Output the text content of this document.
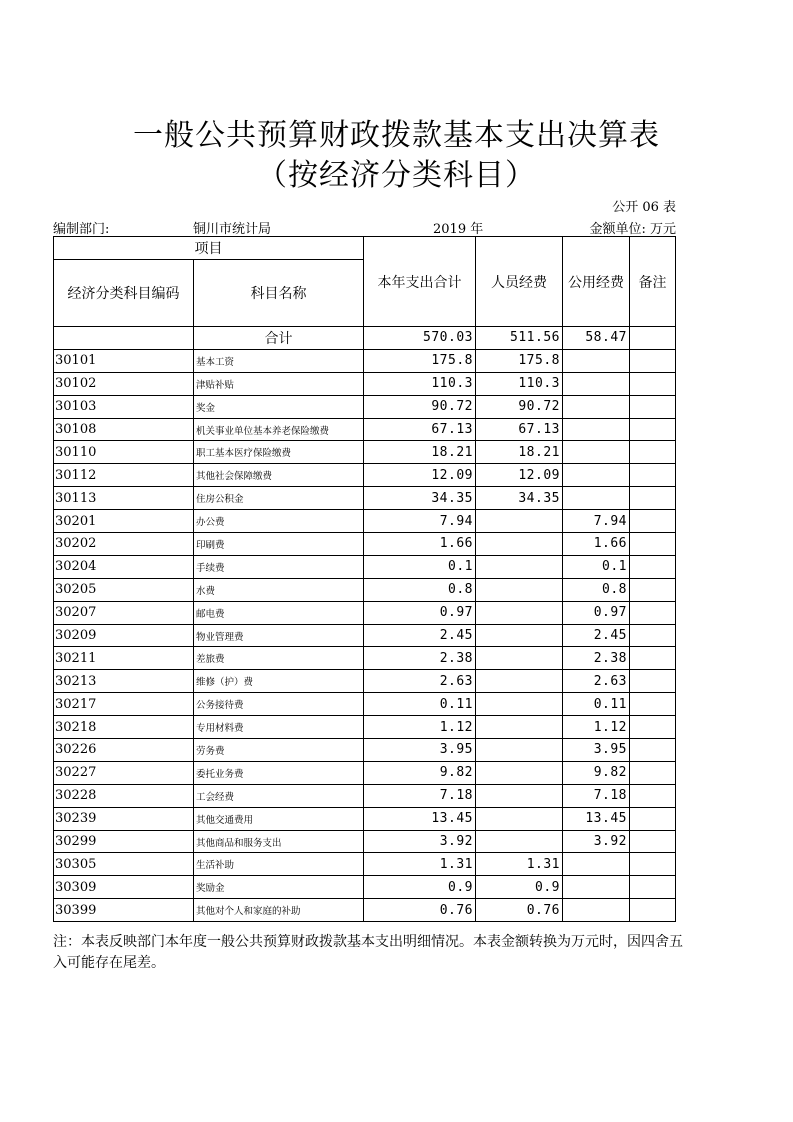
一般公共预算财政拨款基本支出决算表
（按经济分类科目）
公开 06 表
编制部门:	铜川市统计局	2019 年	金额单位: 万元
项目		本年支出合计	人员经费	公用经费	备注
经济分类科目编码	科目名称				
	合计	570.03	511.56	58.47	
30101	基本工资	175.8	175.8		
30102	津贴补贴	110.3	110.3		
30103	奖金	90.72	90.72		
30108	机关事业单位基本养老保险缴费	67.13	67.13		
30110	职工基本医疗保险缴费	18.21	18.21		
30112	其他社会保障缴费	12.09	12.09		
30113	住房公积金	34.35	34.35		
30201	办公费	7.94		7.94	
30202	印刷费	1.66		1.66	
30204	手续费	0.1		0.1	
30205	水费	0.8		0.8	
30207	邮电费	0.97		0.97	
30209	物业管理费	2.45		2.45	
30211	差旅费	2.38		2.38	
30213	维修（护）费	2.63		2.63	
30217	公务接待费	0.11		0.11	
30218	专用材料费	1.12		1.12	
30226	劳务费	3.95		3.95	
30227	委托业务费	9.82		9.82	
30228	工会经费	7.18		7.18	
30239	其他交通费用	13.45		13.45	
30299	其他商品和服务支出	3.92		3.92	
30305	生活补助	1.31	1.31		
30309	奖励金	0.9	0.9		
30399	其他对个人和家庭的补助	0.76	0.76		
注：本表反映部门本年度一般公共预算财政拨款基本支出明细情况。本表金额转换为万元时，因四舍五入可能存在尾差。
